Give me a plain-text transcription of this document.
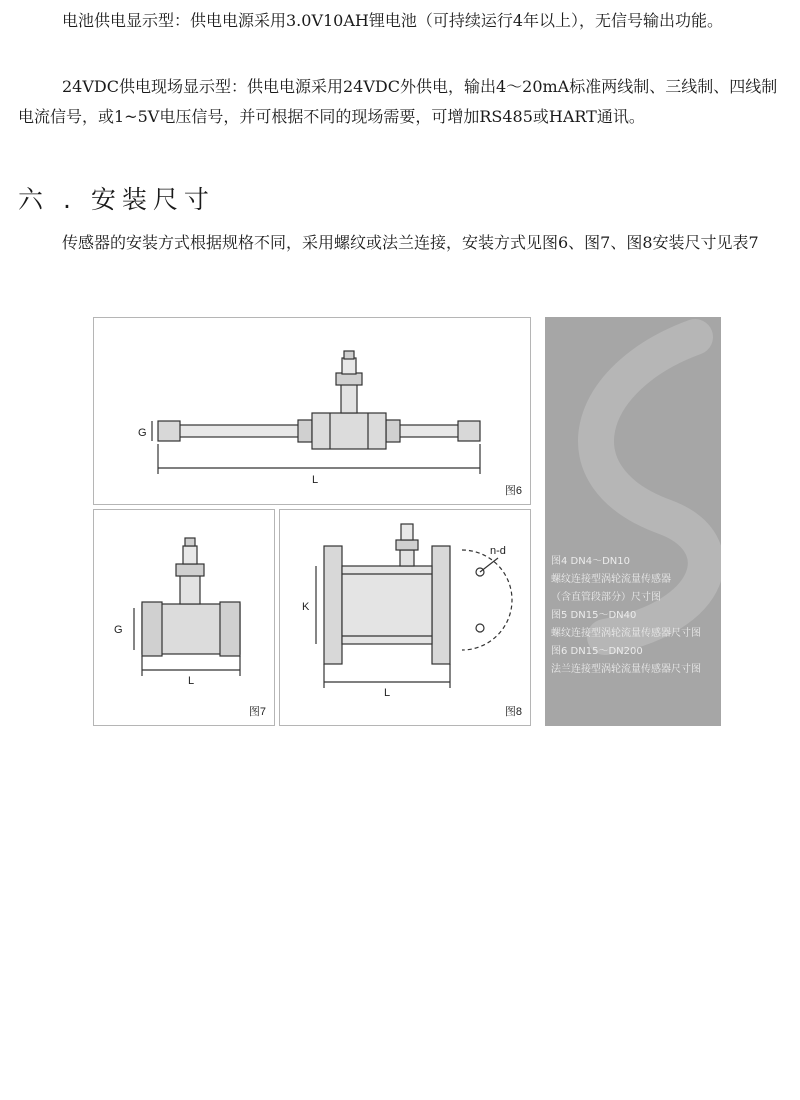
电池供电显示型：供电电源采用3.0V10AH锂电池（可持续运行4年以上），无信号输出功能。

24VDC供电现场显示型：供电电源采用24VDC外供电，输出4～20mA标准两线制、三线制、四线制电流信号，或1~5V电压信号，并可根据不同的现场需要，可增加RS485或HART通讯。

六 . 安装尺寸

传感器的安装方式根据规格不同，采用螺纹或法兰连接，安装方式见图6、图7、图8安装尺寸见表7

G
L
图6
G
L
图7
K
L
n-d
图8
图4 DN4～DN10
螺纹连接型涡轮流量传感器
（含直管段部分）尺寸图
图5 DN15～DN40
螺纹连接型涡轮流量传感器尺寸图
图6 DN15～DN200
法兰连接型涡轮流量传感器尺寸图
